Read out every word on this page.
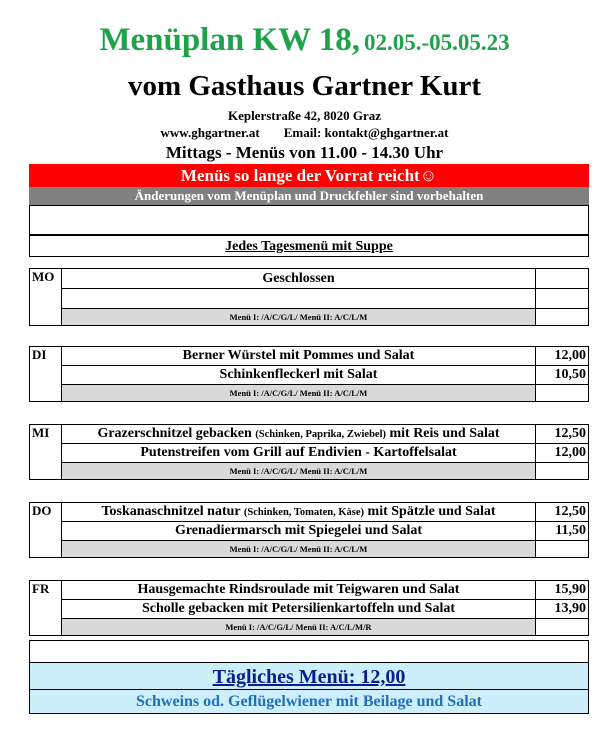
Menüplan KW 18, 02.05.-05.05.23
vom Gasthaus Gartner Kurt
Keplerstraße 42, 8020 Graz
www.ghgartner.at Email: kontakt@ghgartner.at
Mittags - Menüs von 11.00 - 14.30 Uhr
Menüs so lange der Vorrat reicht☺
Änderungen vom Menüplan und Druckfehler sind vorbehalten
Jedes Tagesmenü mit Suppe
MO	Geschlossen	

	Menü I: /A/C/G/L/ Menü II: A/C/L/M	
DI	Berner Würstel mit Pommes und Salat	12,00
	Schinkenfleckerl mit Salat	10,50
	Menü I: /A/C/G/L/ Menü II: A/C/L/M	
MI	Grazerschnitzel gebacken (Schinken, Paprika, Zwiebel) mit Reis und Salat	12,50
	Putenstreifen vom Grill auf Endivien - Kartoffelsalat	12,00
	Menü I: /A/C/G/L/ Menü II: A/C/L/M	
DO	Toskanaschnitzel natur (Schinken, Tomaten, Käse) mit Spätzle und Salat	12,50
	Grenadiermarsch mit Spiegelei und Salat	11,50
	Menü I: /A/C/G/L/ Menü II: A/C/L/M	
FR	Hausgemachte Rindsroulade mit Teigwaren und Salat	15,90
	Scholle gebacken mit Petersilienkartoffeln und Salat	13,90
	Menü I: /A/C/G/L/ Menü II: A/C/L/M/R	
Tägliches Menü: 12,00
Schweins od. Geflügelwiener mit Beilage und Salat
